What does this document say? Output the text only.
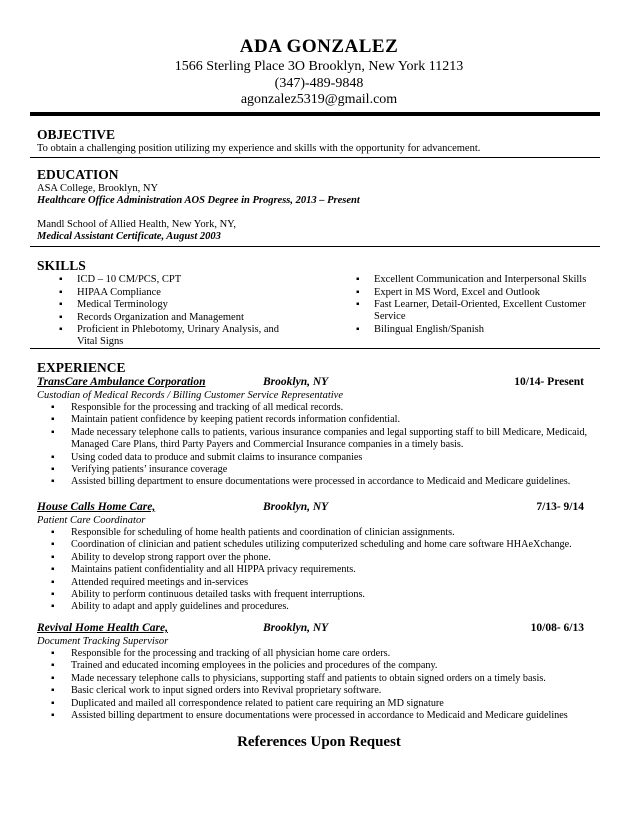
ADA GONZALEZ
1566 Sterling Place 3O Brooklyn, New York 11213
(347)-489-9848
agonzalez5319@gmail.com
OBJECTIVE
To obtain a challenging position utilizing my experience and skills with the opportunity for advancement.
EDUCATION
ASA College, Brooklyn, NY
Healthcare Office Administration AOS Degree in Progress, 2013 – Present
Mandl School of Allied Health, New York, NY,
Medical Assistant Certificate, August 2003
SKILLS
▪ ICD – 10 CM/PCS, CPT
▪ HIPAA Compliance
▪ Medical Terminology
▪ Records Organization and Management
▪ Proficient in Phlebotomy, Urinary Analysis, and Vital Signs
▪ Excellent Communication and Interpersonal Skills
▪ Expert in MS Word, Excel and Outlook
▪ Fast Learner, Detail-Oriented, Excellent Customer Service
▪ Bilingual English/Spanish
EXPERIENCE
TransCare Ambulance Corporation	Brooklyn, NY	10/14- Present
Custodian of Medical Records / Billing Customer Service Representative
▪ Responsible for the processing and tracking of all medical records.
▪ Maintain patient confidence by keeping patient records information confidential.
▪ Made necessary telephone calls to patients, various insurance companies and legal supporting staff to bill Medicare, Medicaid, Managed Care Plans, third Party Payers and Commercial Insurance companies in a timely basis.
▪ Using coded data to produce and submit claims to insurance companies
▪ Verifying patients’ insurance coverage
▪ Assisted billing department to ensure documentations were processed in accordance to Medicaid and Medicare guidelines.
House Calls Home Care,	Brooklyn, NY	7/13- 9/14
Patient Care Coordinator
▪ Responsible for scheduling of home health patients and coordination of clinician assignments.
▪ Coordination of clinician and patient schedules utilizing computerized scheduling and home care software HHAeXchange.
▪ Ability to develop strong rapport over the phone.
▪ Maintains patient confidentiality and all HIPPA privacy requirements.
▪ Attended required meetings and in-services
▪ Ability to perform continuous detailed tasks with frequent interruptions.
▪ Ability to adapt and apply guidelines and procedures.
Revival Home Health Care,	Brooklyn, NY	10/08- 6/13
Document Tracking Supervisor
▪ Responsible for the processing and tracking of all physician home care orders.
▪ Trained and educated incoming employees in the policies and procedures of the company.
▪ Made necessary telephone calls to physicians, supporting staff and patients to obtain signed orders on a timely basis.
▪ Basic clerical work to input signed orders into Revival proprietary software.
▪ Duplicated and mailed all correspondence related to patient care requiring an MD signature
▪ Assisted billing department to ensure documentations were processed in accordance to Medicaid and Medicare guidelines
References Upon Request
